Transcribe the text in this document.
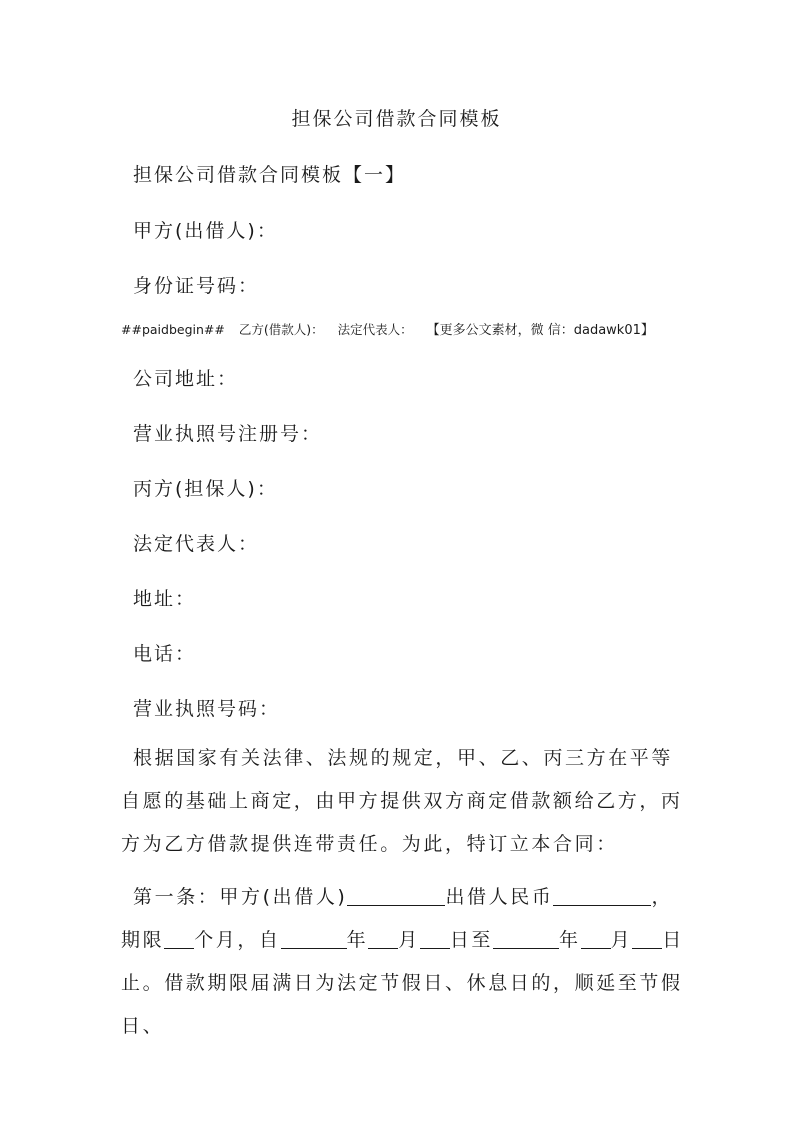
担保公司借款合同模板
担保公司借款合同模板【一】
甲方(出借人)：
身份证号码：
##paidbegin## 乙方(借款人)： 法定代表人： 【更多公文素材，微 信：dadawk01】
公司地址：
营业执照号注册号：
丙方(担保人)：
法定代表人：
地址：
电话：
营业执照号码：
根据国家有关法律、法规的规定，甲、乙、丙三方在平等自愿的基础上商定，由甲方提供双方商定借款额给乙方，丙方为乙方借款提供连带责任。为此，特订立本合同：
第一条：甲方(出借人)	出借人民币	，期限 个月，自	年 月 日至	年 月 日止。借款期限届满日为法定节假日、休息日的，顺延至节假日、
